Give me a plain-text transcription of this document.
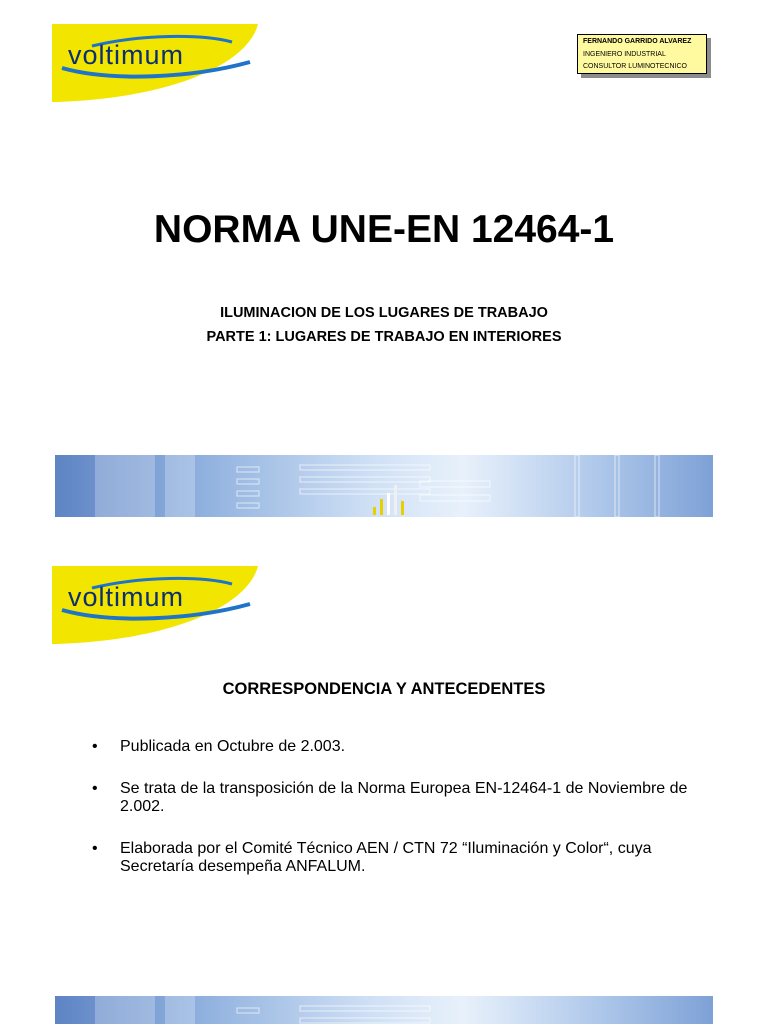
voltimum	FERNANDO GARRIDO ALVAREZ
INGENIERO INDUSTRIAL
CONSULTOR LUMINOTECNICO
NORMA UNE-EN 12464-1
ILUMINACION DE LOS LUGARES DE TRABAJO
PARTE 1: LUGARES DE TRABAJO EN INTERIORES
voltimum
CORRESPONDENCIA Y ANTECEDENTES
• Publicada en Octubre de 2.003.
• Se trata de la transposición de la Norma Europea EN-12464-1 de Noviembre de 2.002.
• Elaborada por el Comité Técnico AEN / CTN 72 “Iluminación y Color“, cuya Secretaría desempeña ANFALUM.
